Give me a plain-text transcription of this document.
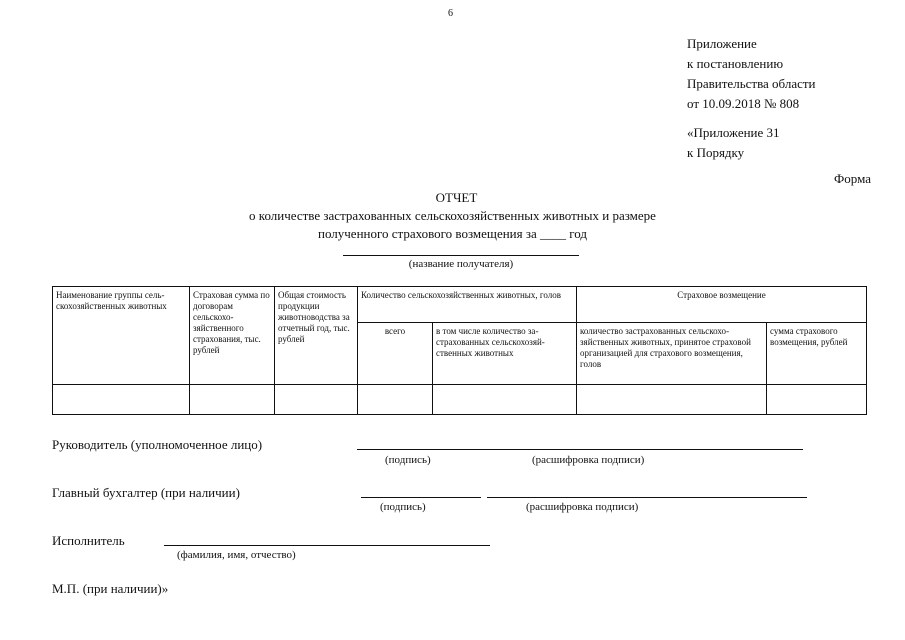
6
Приложение
к постановлению
Правительства области
от 10.09.2018 № 808
«Приложение 31
к Порядку
Форма
ОТЧЕТ
о количестве застрахованных сельскохозяйственных животных и размере
полученного страхового возмещения за ____ год
(название получателя)
Наименование группы сельскохозяйственных животных	Страховая сумма по договорам сельскохозяйственного страхования, тыс. рублей	Общая стоимость продукции животноводства за отчетный год, тыс. рублей	Количество сельскохозяйственных животных, голов		Страховое возмещение	
			всего	в том числе количество застрахованных сельскохозяйственных животных	количество застрахованных сельскохозяйственных животных, принятое страховой организацией для страхового возмещения, голов	сумма страхового возмещения, рублей

Руководитель (уполномоченное лицо)
(подпись)	(расшифровка подписи)
Главный бухгалтер (при наличии)
(подпись)	(расшифровка подписи)
Исполнитель
(фамилия, имя, отчество)
М.П. (при наличии)»
